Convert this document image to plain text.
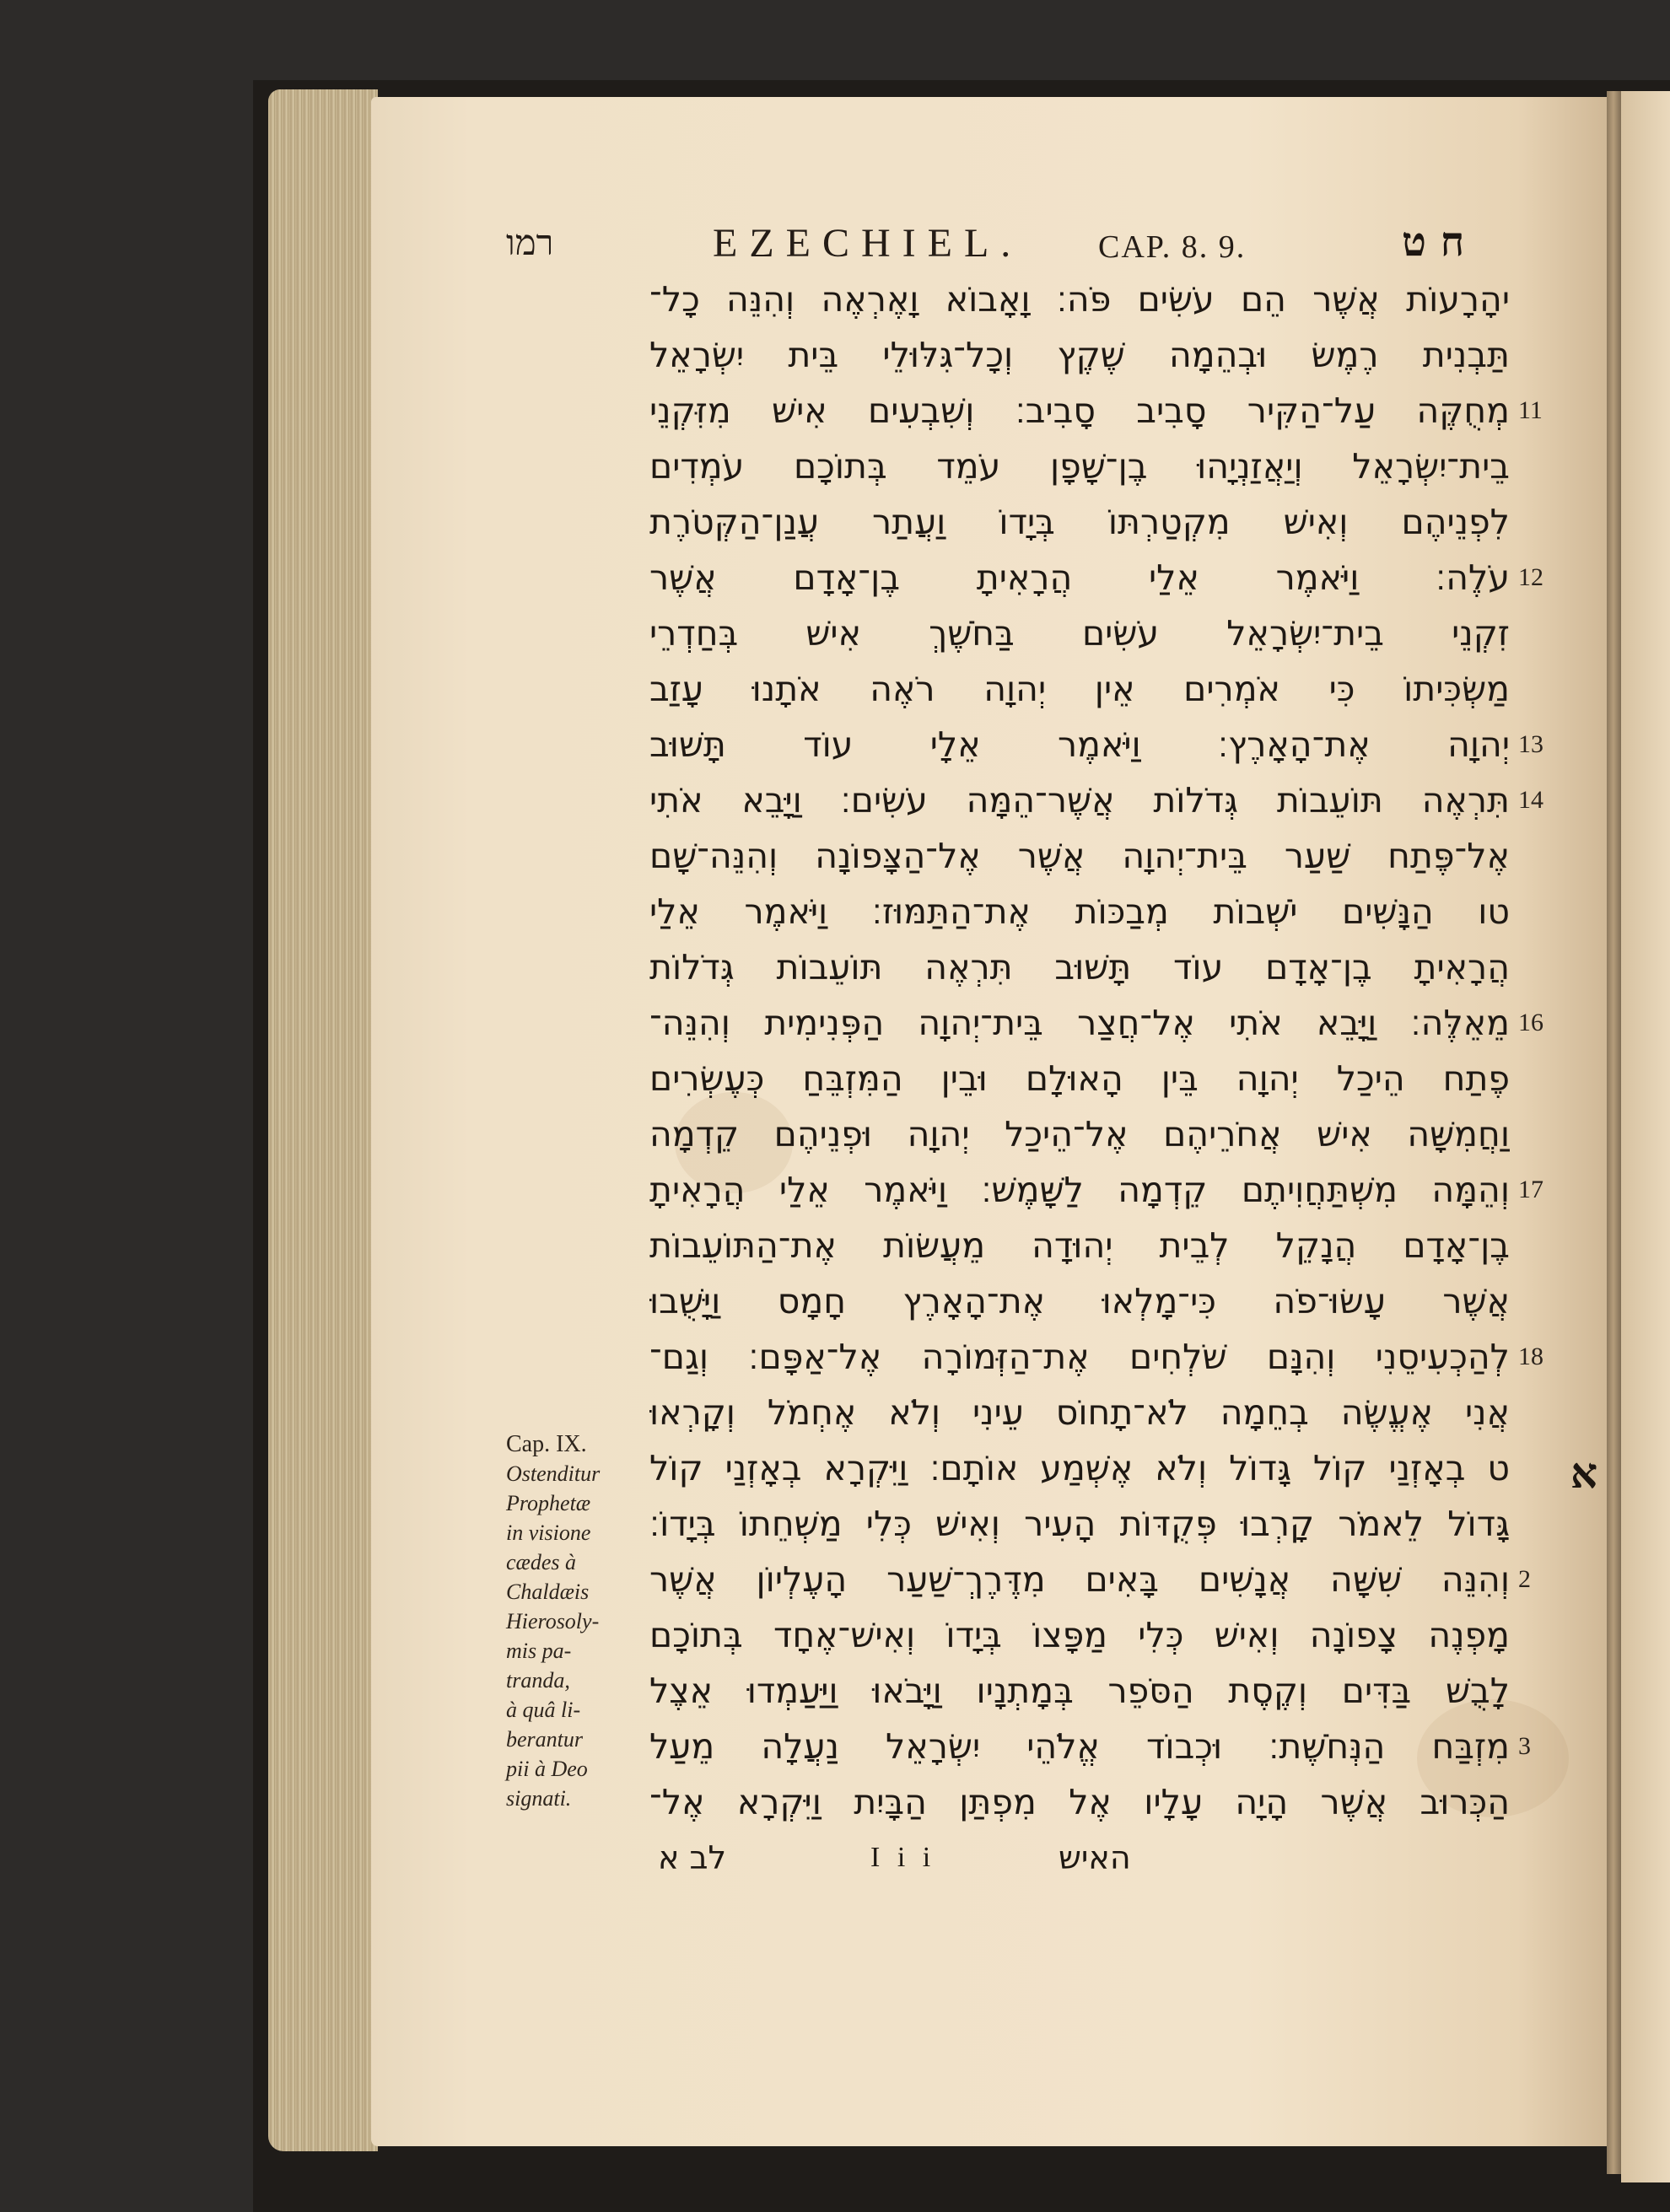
רמו	EZECHIEL. CAP. 8. 9.	ח ט
יהָרָעוֹת אֲשֶׁר הֵם עֹשִׂים פֹּה׃ וָאָבוֹא וָאֶרְאֶה וְהִנֵּה כָל־
תַּבְנִית רֶמֶשׂ וּבְהֵמָה שֶׁקֶץ וְכָל־גִּלּוּלֵי בֵּית יִשְׂרָאֵל
מְחֻקֶּה עַל־הַקִּיר סָבִיב סָבִיב׃ וְשִׁבְעִים אִישׁ מִזִּקְנֵי 11
בֵית־יִשְׂרָאֵל וְיַאֲזַנְיָהוּ בֶן־שָׁפָן עֹמֵד בְּתוֹכָם עֹמְדִים
לִפְנֵיהֶם וְאִישׁ מִקְטַרְתּוֹ בְּיָדוֹ וַעֲתַר עֲנַן־הַקְּטֹרֶת
עֹלֶה׃ וַיֹּאמֶר אֵלַי הֲרָאִיתָ בֶן־אָדָם אֲשֶׁר 12
זִקְנֵי בֵית־יִשְׂרָאֵל עֹשִׂים בַּחֹשֶׁךְ אִישׁ בְּחַדְרֵי
מַשְׂכִּיתוֹ כִּי אֹמְרִים אֵין יְהוָה רֹאֶה אֹתָנוּ עָזַב
יְהוָה אֶת־הָאָרֶץ׃ וַיֹּאמֶר אֵלָי עוֹד תָּשׁוּב 13
תִּרְאֶה תּוֹעֵבוֹת גְּדֹלוֹת אֲשֶׁר־הֵמָּה עֹשִׂים׃ וַיָּבֵא אֹתִי 14
אֶל־פֶּתַח שַׁעַר בֵּית־יְהוָה אֲשֶׁר אֶל־הַצָּפוֹנָה וְהִנֵּה־שָׁם
טו הַנָּשִׁים יֹשְׁבוֹת מְבַכּוֹת אֶת־הַתַּמּוּז׃ וַיֹּאמֶר אֵלַי
הֲרָאִיתָ בֶן־אָדָם עוֹד תָּשׁוּב תִּרְאֶה תּוֹעֵבוֹת גְּדֹלוֹת
מֵאֵלֶּה׃ וַיָּבֵא אֹתִי אֶל־חֲצַר בֵּית־יְהוָה הַפְּנִימִית וְהִנֵּה־ 16
פֶתַח הֵיכַל יְהוָה בֵּין הָאוּלָם וּבֵין הַמִּזְבֵּחַ כְּעֶשְׂרִים
וַחֲמִשָּׁה אִישׁ אֲחֹרֵיהֶם אֶל־הֵיכַל יְהוָה וּפְנֵיהֶם קֵדְמָה
וְהֵמָּה מִשְׁתַּחֲוִיתֶם קֵדְמָה לַשָּׁמֶשׁ׃ וַיֹּאמֶר אֵלַי הֲרָאִיתָ 17
בֶן־אָדָם הֲנָקֵל לְבֵית יְהוּדָה מֵעֲשׂוֹת אֶת־הַתּוֹעֵבוֹת
אֲשֶׁר עָשׂוּ־פֹה כִּי־מָלְאוּ אֶת־הָאָרֶץ חָמָס וַיָּשֻׁבוּ
לְהַכְעִיסֵנִי וְהִנָּם שֹׁלְחִים אֶת־הַזְּמוֹרָה אֶל־אַפָּם׃ וְגַם־ 18
אֲנִי אֶעֱשֶׂה בְחֵמָה לֹא־תָחוֹס עֵינִי וְלֹא אֶחְמֹל וְקָרְאוּ
ט בְאָזְנַי קוֹל גָּדוֹל וְלֹא אֶשְׁמַע אוֹתָם׃ וַיִּקְרָא בְאָזְנַי קוֹל
גָּדוֹל לֵאמֹר קָרְבוּ פְּקֻדּוֹת הָעִיר וְאִישׁ כְּלִי מַשְׁחֵתוֹ בְּיָדוֹ׃
וְהִנֵּה שִׁשָּׁה אֲנָשִׁים בָּאִים מִדֶּרֶךְ־שַׁעַר הָעֶלְיוֹן אֲשֶׁר 2
מָפְנֶה צָפוֹנָה וְאִישׁ כְּלִי מַפָּצוֹ בְּיָדוֹ וְאִישׁ־אֶחָד בְּתוֹכָם
לָבֻשׁ בַּדִּים וְקֶסֶת הַסֹּפֵר בְּמָתְנָיו וַיָּבֹאוּ וַיַּעַמְדוּ אֵצֶל
מִזְבַּח הַנְּחֹשֶׁת׃ וּכְבוֹד אֱלֹהֵי יִשְׂרָאֵל נַעֲלָה מֵעַל 3
הַכְּרוּב אֲשֶׁר הָיָה עָלָיו אֶל מִפְתַּן הַבָּיִת וַיִּקְרָא אֶל־
לב א	I i i	האיש
Cap. IX.
Ostenditur
Prophetæ
in visione
cædes à
Chaldæis
Hierosoly-
mis pa-
tranda,
à quâ li-
berantur
pii à Deo
signati.
א
